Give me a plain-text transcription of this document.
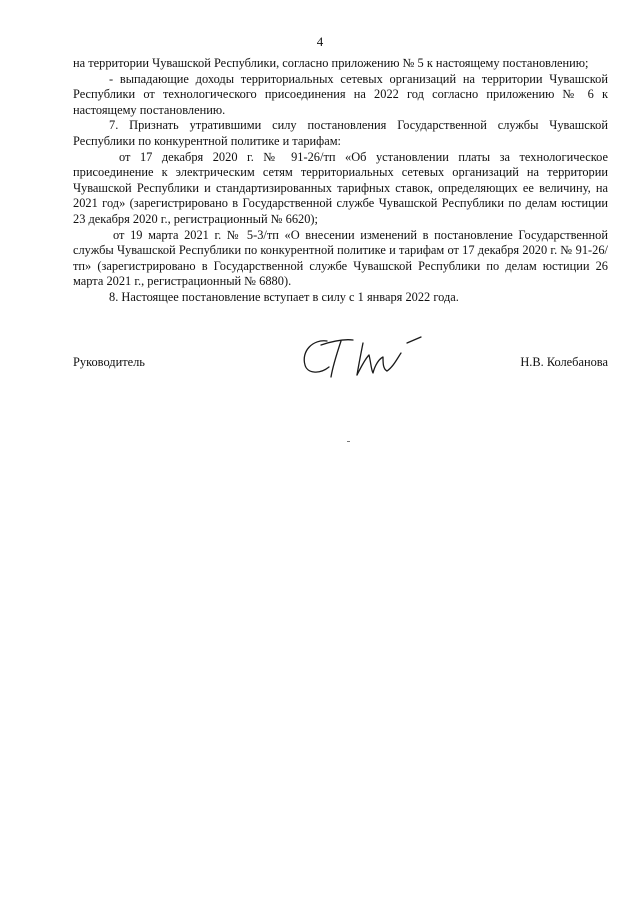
4

на территории Чувашской Республики, согласно приложению № 5 к настоящему постановлению;

- выпадающие доходы территориальных сетевых организаций на территории Чувашской Республики от технологического присоединения на 2022 год согласно приложению № 6 к настоящему постановлению.

7. Признать утратившими силу постановления Государственной службы Чувашской Республики по конкурентной политике и тарифам:

от 17 декабря 2020 г. № 91-26/тп «Об установлении платы за технологическое присоединение к электрическим сетям территориальных сетевых организаций на территории Чувашской Республики и стандартизированных тарифных ставок, определяющих ее величину, на 2021 год» (зарегистрировано в Государственной службе Чувашской Республики по делам юстиции 23 декабря 2020 г., регистрационный № 6620);

от 19 марта 2021 г. № 5-3/тп «О внесении изменений в постановление Государственной службы Чувашской Республики по конкурентной политике и тарифам от 17 декабря 2020 г. № 91-26/тп» (зарегистрировано в Государственной службе Чувашской Республики по делам юстиции 26 марта 2021 г., регистрационный № 6880).

8. Настоящее постановление вступает в силу с 1 января 2022 года.

Руководитель	Н.В. Колебанова
